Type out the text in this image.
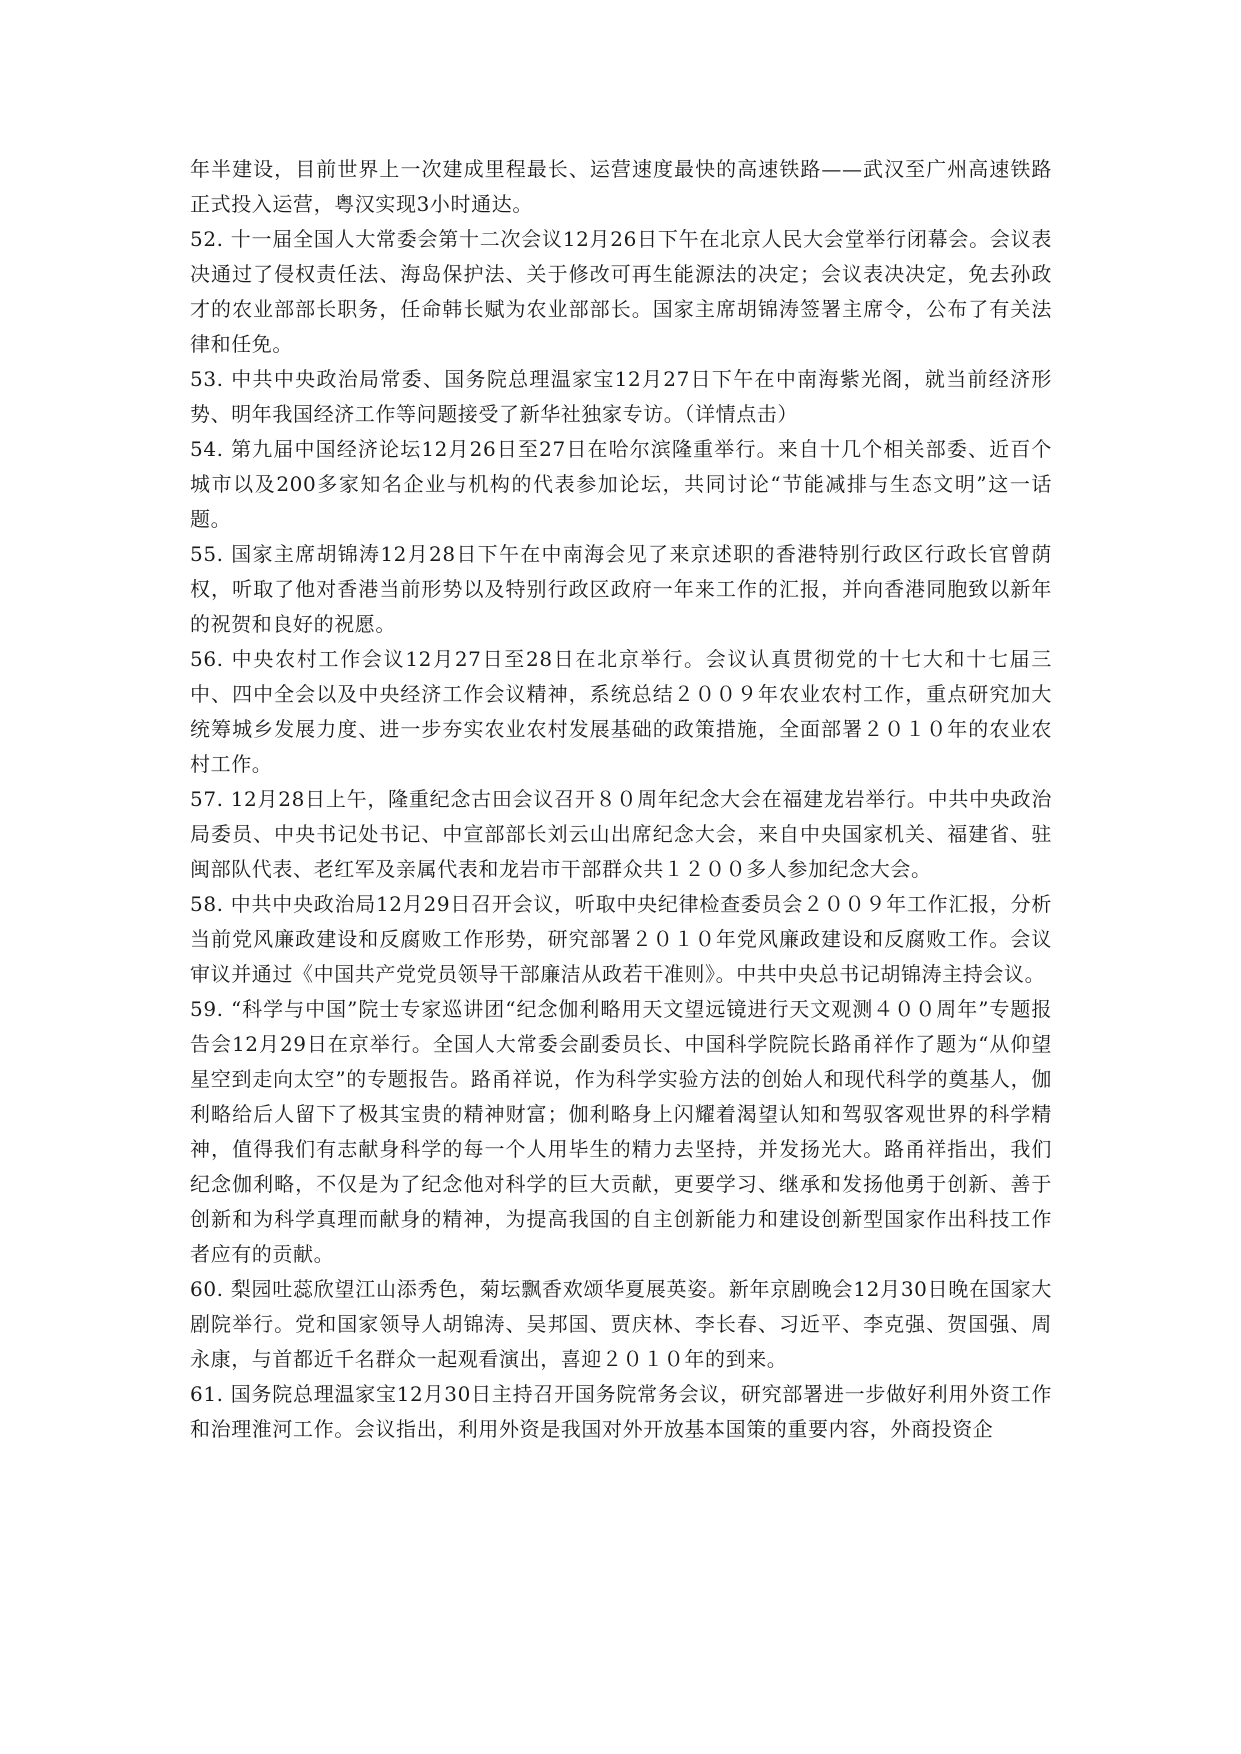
年半建设，目前世界上一次建成里程最长、运营速度最快的高速铁路——武汉至广州高速铁路正式投入运营，粤汉实现3小时通达。

52. 十一届全国人大常委会第十二次会议12月26日下午在北京人民大会堂举行闭幕会。会议表决通过了侵权责任法、海岛保护法、关于修改可再生能源法的决定；会议表决决定，免去孙政才的农业部部长职务，任命韩长赋为农业部部长。国家主席胡锦涛签署主席令，公布了有关法律和任免。

53. 中共中央政治局常委、国务院总理温家宝12月27日下午在中南海紫光阁，就当前经济形势、明年我国经济工作等问题接受了新华社独家专访。（详情点击）

54. 第九届中国经济论坛12月26日至27日在哈尔滨隆重举行。来自十几个相关部委、近百个城市以及200多家知名企业与机构的代表参加论坛，共同讨论“节能减排与生态文明”这一话题。

55. 国家主席胡锦涛12月28日下午在中南海会见了来京述职的香港特别行政区行政长官曾荫权，听取了他对香港当前形势以及特别行政区政府一年来工作的汇报，并向香港同胞致以新年的祝贺和良好的祝愿。

56. 中央农村工作会议12月27日至28日在北京举行。会议认真贯彻党的十七大和十七届三中、四中全会以及中央经济工作会议精神，系统总结２００９年农业农村工作，重点研究加大统筹城乡发展力度、进一步夯实农业农村发展基础的政策措施，全面部署２０１０年的农业农村工作。

57. 12月28日上午，隆重纪念古田会议召开８０周年纪念大会在福建龙岩举行。中共中央政治局委员、中央书记处书记、中宣部部长刘云山出席纪念大会，来自中央国家机关、福建省、驻闽部队代表、老红军及亲属代表和龙岩市干部群众共１２００多人参加纪念大会。

58. 中共中央政治局12月29日召开会议，听取中央纪律检查委员会２００９年工作汇报，分析当前党风廉政建设和反腐败工作形势，研究部署２０１０年党风廉政建设和反腐败工作。会议审议并通过《中国共产党党员领导干部廉洁从政若干准则》。中共中央总书记胡锦涛主持会议。

59. “科学与中国”院士专家巡讲团“纪念伽利略用天文望远镜进行天文观测４００周年”专题报告会12月29日在京举行。全国人大常委会副委员长、中国科学院院长路甬祥作了题为“从仰望星空到走向太空”的专题报告。路甬祥说，作为科学实验方法的创始人和现代科学的奠基人，伽利略给后人留下了极其宝贵的精神财富；伽利略身上闪耀着渴望认知和驾驭客观世界的科学精神，值得我们有志献身科学的每一个人用毕生的精力去坚持，并发扬光大。路甬祥指出，我们纪念伽利略，不仅是为了纪念他对科学的巨大贡献，更要学习、继承和发扬他勇于创新、善于创新和为科学真理而献身的精神，为提高我国的自主创新能力和建设创新型国家作出科技工作者应有的贡献。

60. 梨园吐蕊欣望江山添秀色，菊坛飘香欢颂华夏展英姿。新年京剧晚会12月30日晚在国家大剧院举行。党和国家领导人胡锦涛、吴邦国、贾庆林、李长春、习近平、李克强、贺国强、周永康，与首都近千名群众一起观看演出，喜迎２０１０年的到来。

61. 国务院总理温家宝12月30日主持召开国务院常务会议，研究部署进一步做好利用外资工作和治理淮河工作。会议指出，利用外资是我国对外开放基本国策的重要内容，外商投资企
